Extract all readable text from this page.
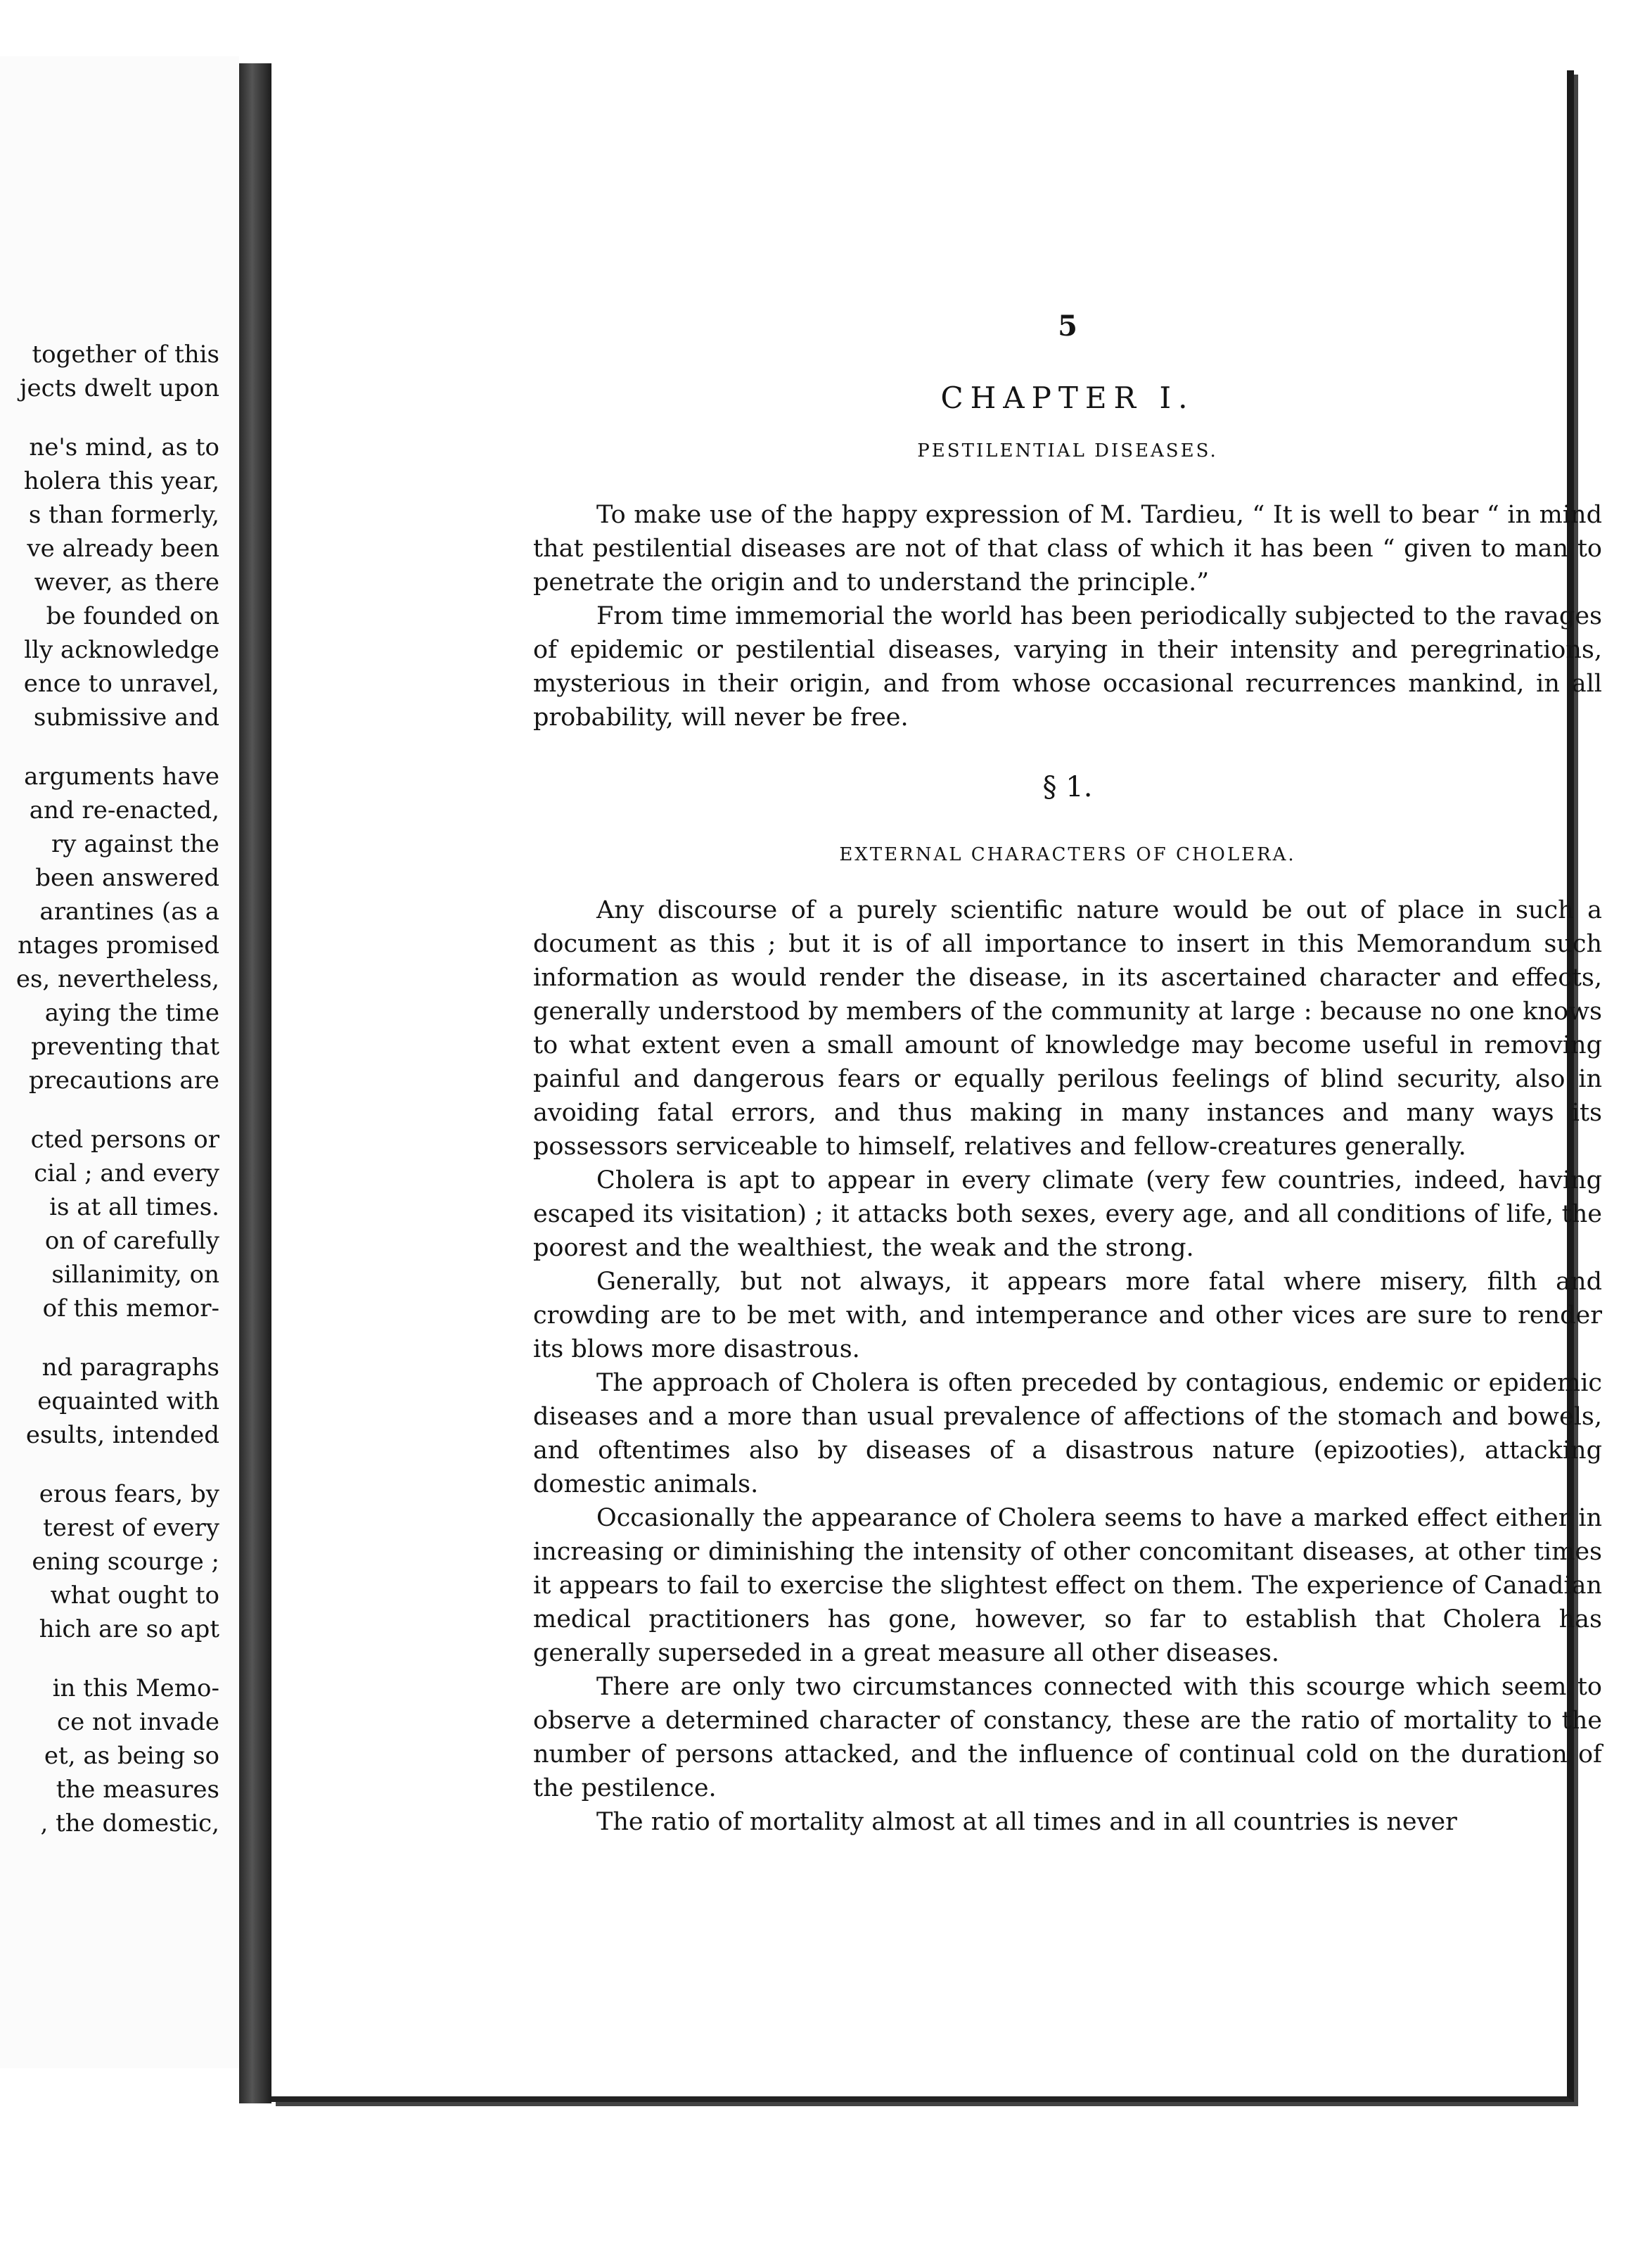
together of this
jects dwelt upon
ne's mind, as to
holera this year,
s than formerly,
ve already been
wever, as there
be founded on
lly acknowledge
ence to unravel,
submissive and
arguments have
and re-enacted,
ry against the
been answered
arantines (as a
ntages promised
es, nevertheless,
aying the time
preventing that
precautions are
cted persons or
cial ; and every
is at all times.
on of carefully
sillanimity, on
of this memor-
nd paragraphs
equainted with
esults, intended
erous fears, by
terest of every
ening scourge ;
what ought to
hich are so apt
in this Memo-
ce not invade
et, as being so
the measures
, the domestic,
5
CHAPTER I.
PESTILENTIAL DISEASES.

To make use of the happy expression of M. Tardieu, “ It is well to bear “ in mind that pestilential diseases are not of that class of which it has been “ given to man to penetrate the origin and to understand the principle.”

From time immemorial the world has been periodically subjected to the ravages of epidemic or pestilential diseases, varying in their intensity and peregrinations, mysterious in their origin, and from whose occasional recurrences mankind, in all probability, will never be free.

§ 1.
EXTERNAL CHARACTERS OF CHOLERA.

Any discourse of a purely scientific nature would be out of place in such a document as this ; but it is of all importance to insert in this Memorandum such information as would render the disease, in its ascertained character and effects, generally understood by members of the community at large : because no one knows to what extent even a small amount of knowledge may become useful in removing painful and dangerous fears or equally perilous feelings of blind security, also in avoiding fatal errors, and thus making in many instances and many ways its possessors serviceable to himself, relatives and fellow-creatures generally.

Cholera is apt to appear in every climate (very few countries, indeed, having escaped its visitation) ; it attacks both sexes, every age, and all conditions of life, the poorest and the wealthiest, the weak and the strong.

Generally, but not always, it appears more fatal where misery, filth and crowding are to be met with, and intemperance and other vices are sure to render its blows more disastrous.

The approach of Cholera is often preceded by contagious, endemic or epidemic diseases and a more than usual prevalence of affections of the stomach and bowels, and oftentimes also by diseases of a disastrous nature (epizooties), attacking domestic animals.

Occasionally the appearance of Cholera seems to have a marked effect either in increasing or diminishing the intensity of other concomitant diseases, at other times it appears to fail to exercise the slightest effect on them. The experience of Canadian medical practitioners has gone, however, so far to establish that Cholera has generally superseded in a great measure all other diseases.

There are only two circumstances connected with this scourge which seem to observe a determined character of constancy, these are the ratio of mortality to the number of persons attacked, and the influence of continual cold on the duration of the pestilence.

The ratio of mortality almost at all times and in all countries is never
